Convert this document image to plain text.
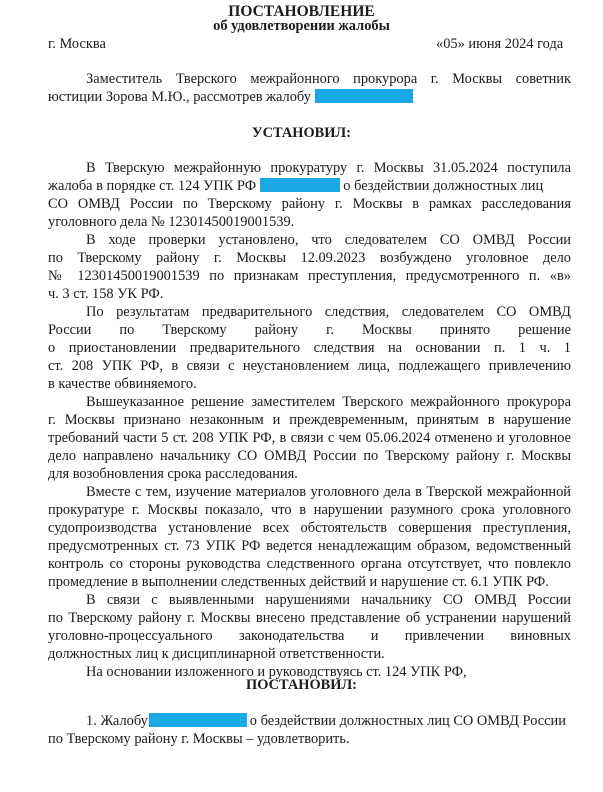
ПОСТАНОВЛЕНИЕ
об удовлетворении жалобы
г. Москва	«05» июня 2024 года
Заместитель Тверского межрайонного прокурора г. Москвы советник
юстиции Зорова М.Ю., рассмотрев жалобу
УСТАНОВИЛ:
В Тверскую межрайонную прокуратуру г. Москвы 31.05.2024 поступила
жалоба в порядке ст. 124 УПК РФ	о бездействии должностных лиц
СО ОМВД России по Тверскому району г. Москвы в рамках расследования
уголовного дела № 12301450019001539.
В ходе проверки установлено, что следователем СО ОМВД России
по Тверскому району г. Москвы 12.09.2023 возбуждено уголовное дело
№ 12301450019001539 по признакам преступления, предусмотренного п. «в»
ч. 3 ст. 158 УК РФ.
По результатам предварительного следствия, следователем СО ОМВД
России по Тверскому району г. Москвы принято решение
о приостановлении предварительного следствия на основании п. 1 ч. 1
ст. 208 УПК РФ, в связи с неустановлением лица, подлежащего привлечению
в качестве обвиняемого.
Вышеуказанное решение заместителем Тверского межрайонного прокурора
г. Москвы признано незаконным и преждевременным, принятым в нарушение
требований части 5 ст. 208 УПК РФ, в связи с чем 05.06.2024 отменено и уголовное
дело направлено начальнику СО ОМВД России по Тверскому району г. Москвы
для возобновления срока расследования.
Вместе с тем, изучение материалов уголовного дела в Тверской межрайонной
прокуратуре г. Москвы показало, что в нарушении разумного срока уголовного
судопроизводства установление всех обстоятельств совершения преступления,
предусмотренных ст. 73 УПК РФ ведется ненадлежащим образом, ведомственный
контроль со стороны руководства следственного органа отсутствует, что повлекло
промедление в выполнении следственных действий и нарушение ст. 6.1 УПК РФ.
В связи с выявленными нарушениями начальнику СО ОМВД России
по Тверскому району г. Москвы внесено представление об устранении нарушений
уголовно-процессуального законодательства и привлечении виновных
должностных лиц к дисциплинарной ответственности.
На основании изложенного и руководствуясь ст. 124 УПК РФ,
ПОСТАНОВИЛ:
1. Жалобу	о бездействии должностных лиц СО ОМВД России
по Тверскому району г. Москвы – удовлетворить.
